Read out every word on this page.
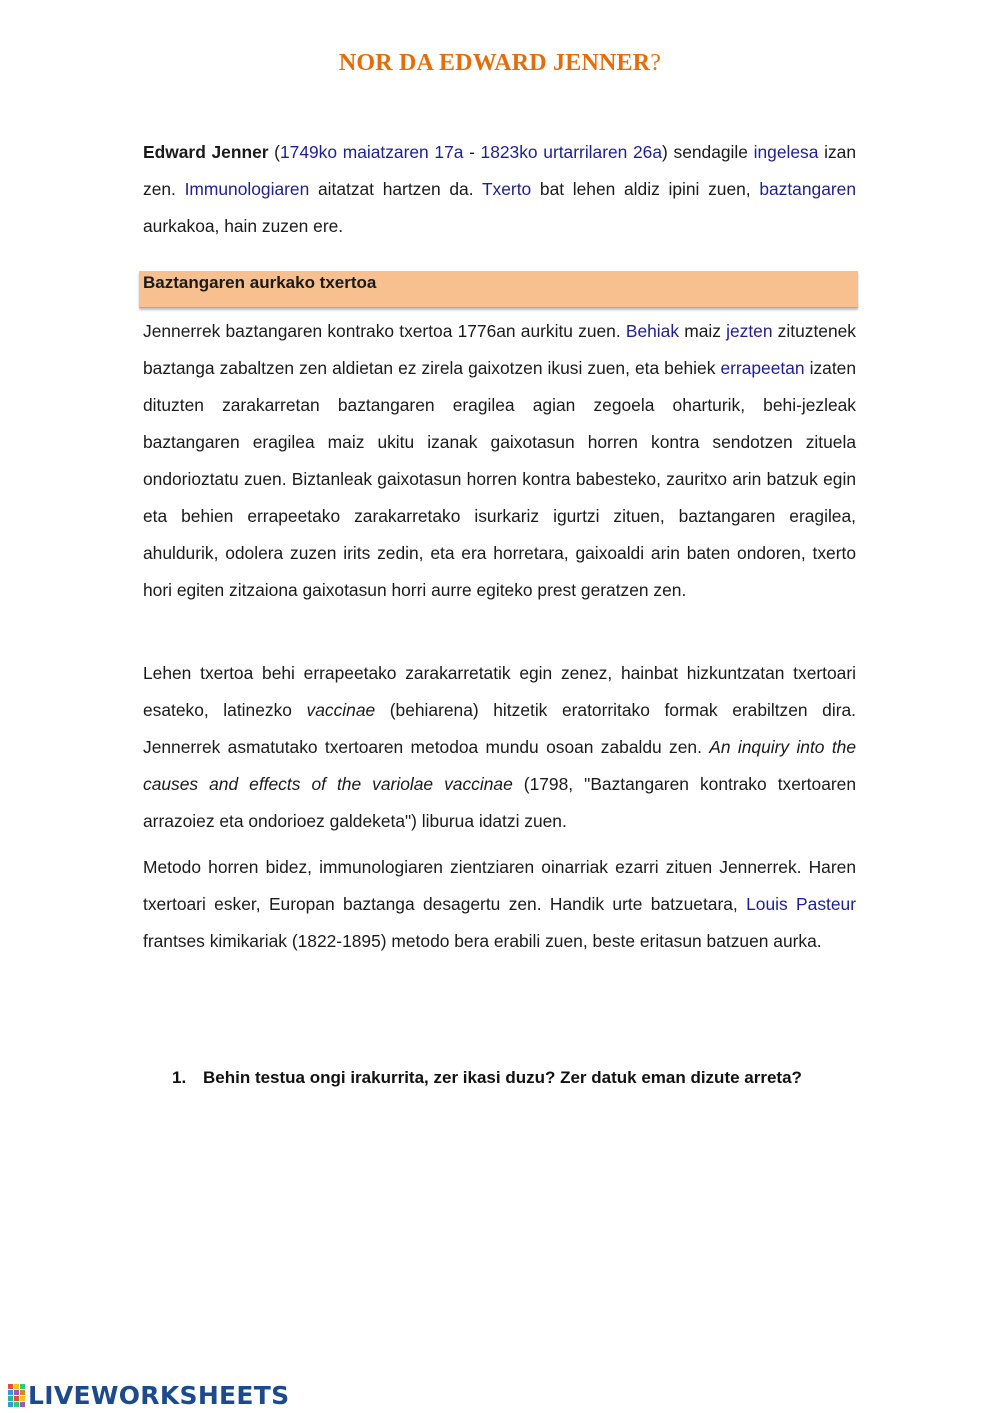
NOR DA EDWARD JENNER?

Edward Jenner (1749ko maiatzaren 17a - 1823ko urtarrilaren 26a) sendagile ingelesa izan zen. Immunologiaren aitatzat hartzen da. Txerto bat lehen aldiz ipini zuen, baztangaren aurkakoa, hain zuzen ere.

Baztangaren aurkako txertoa

Jennerrek baztangaren kontrako txertoa 1776an aurkitu zuen. Behiak maiz jezten zituztenek baztanga zabaltzen zen aldietan ez zirela gaixotzen ikusi zuen, eta behiek errapeetan izaten dituzten zarakarretan baztangaren eragilea agian zegoela oharturik, behi-jezleak baztangaren eragilea maiz ukitu izanak gaixotasun horren kontra sendotzen zituela ondorioztatu zuen. Biztanleak gaixotasun horren kontra babesteko, zauritxo arin batzuk egin eta behien errapeetako zarakarretako isurkariz igurtzi zituen, baztangaren eragilea, ahuldurik, odolera zuzen irits zedin, eta era horretara, gaixoaldi arin baten ondoren, txerto hori egiten zitzaiona gaixotasun horri aurre egiteko prest geratzen zen.

Lehen txertoa behi errapeetako zarakarretatik egin zenez, hainbat hizkuntzatan txertoari esateko, latinezko vaccinae (behiarena) hitzetik eratorritako formak erabiltzen dira. Jennerrek asmatutako txertoaren metodoa mundu osoan zabaldu zen. An inquiry into the causes and effects of the variolae vaccinae (1798, "Baztangaren kontrako txertoaren arrazoiez eta ondorioez galdeketa") liburua idatzi zuen.

Metodo horren bidez, immunologiaren zientziaren oinarriak ezarri zituen Jennerrek. Haren txertoari esker, Europan baztanga desagertu zen. Handik urte batzuetara, Louis Pasteur frantses kimikariak (1822-1895) metodo bera erabili zuen, beste eritasun batzuen aurka.

1. Behin testua ongi irakurrita, zer ikasi duzu? Zer datuk eman dizute arreta?
LIVEWORKSHEETS
